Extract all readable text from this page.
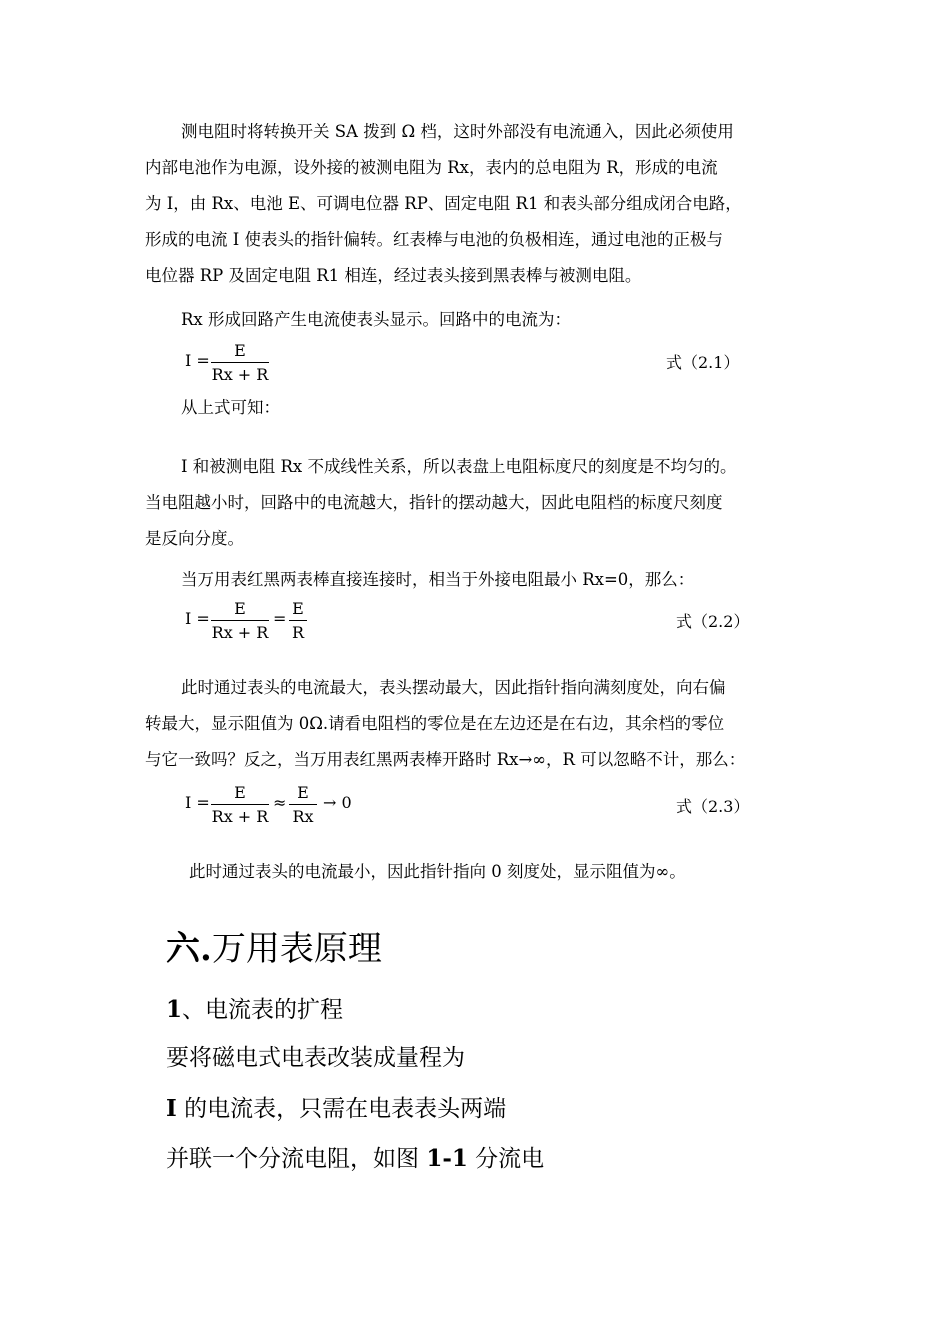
测电阻时将转换开关 SA 拨到 Ω 档，这时外部没有电流通入，因此必须使用
内部电池作为电源，设外接的被测电阻为 Rx，表内的总电阻为 R，形成的电流
为 I，由 Rx、电池 E、可调电位器 RP、固定电阻 R1 和表头部分组成闭合电路，
形成的电流 I 使表头的指针偏转。红表棒与电池的负极相连，通过电池的正极与
电位器 RP 及固定电阻 R1 相连，经过表头接到黑表棒与被测电阻。

Rx 形成回路产生电流使表头显示。回路中的电流为：

I =
E
Rx + R
式（2.1）

从上式可知：

I 和被测电阻 Rx 不成线性关系，所以表盘上电阻标度尺的刻度是不均匀的。
当电阻越小时，回路中的电流越大，指针的摆动越大，因此电阻档的标度尺刻度
是反向分度。

当万用表红黑两表棒直接连接时，相当于外接电阻最小 Rx=0，那么：

I =
E
Rx + R
=
E
R
式（2.2）

此时通过表头的电流最大，表头摆动最大，因此指针指向满刻度处，向右偏
转最大，显示阻值为 0Ω.请看电阻档的零位是在左边还是在右边，其余档的零位
与它一致吗？反之，当万用表红黑两表棒开路时 Rx→∞，R 可以忽略不计，那么：

I =
E
Rx + R
≈
E
Rx
→ 0	式（2.3）

此时通过表头的电流最小，因此指针指向 0 刻度处，显示阻值为∞。

六.万用表原理

1、电流表的扩程

要将磁电式电表改装成量程为

I 的电流表，只需在电表表头两端

并联一个分流电阻，如图 1-1 分流电
